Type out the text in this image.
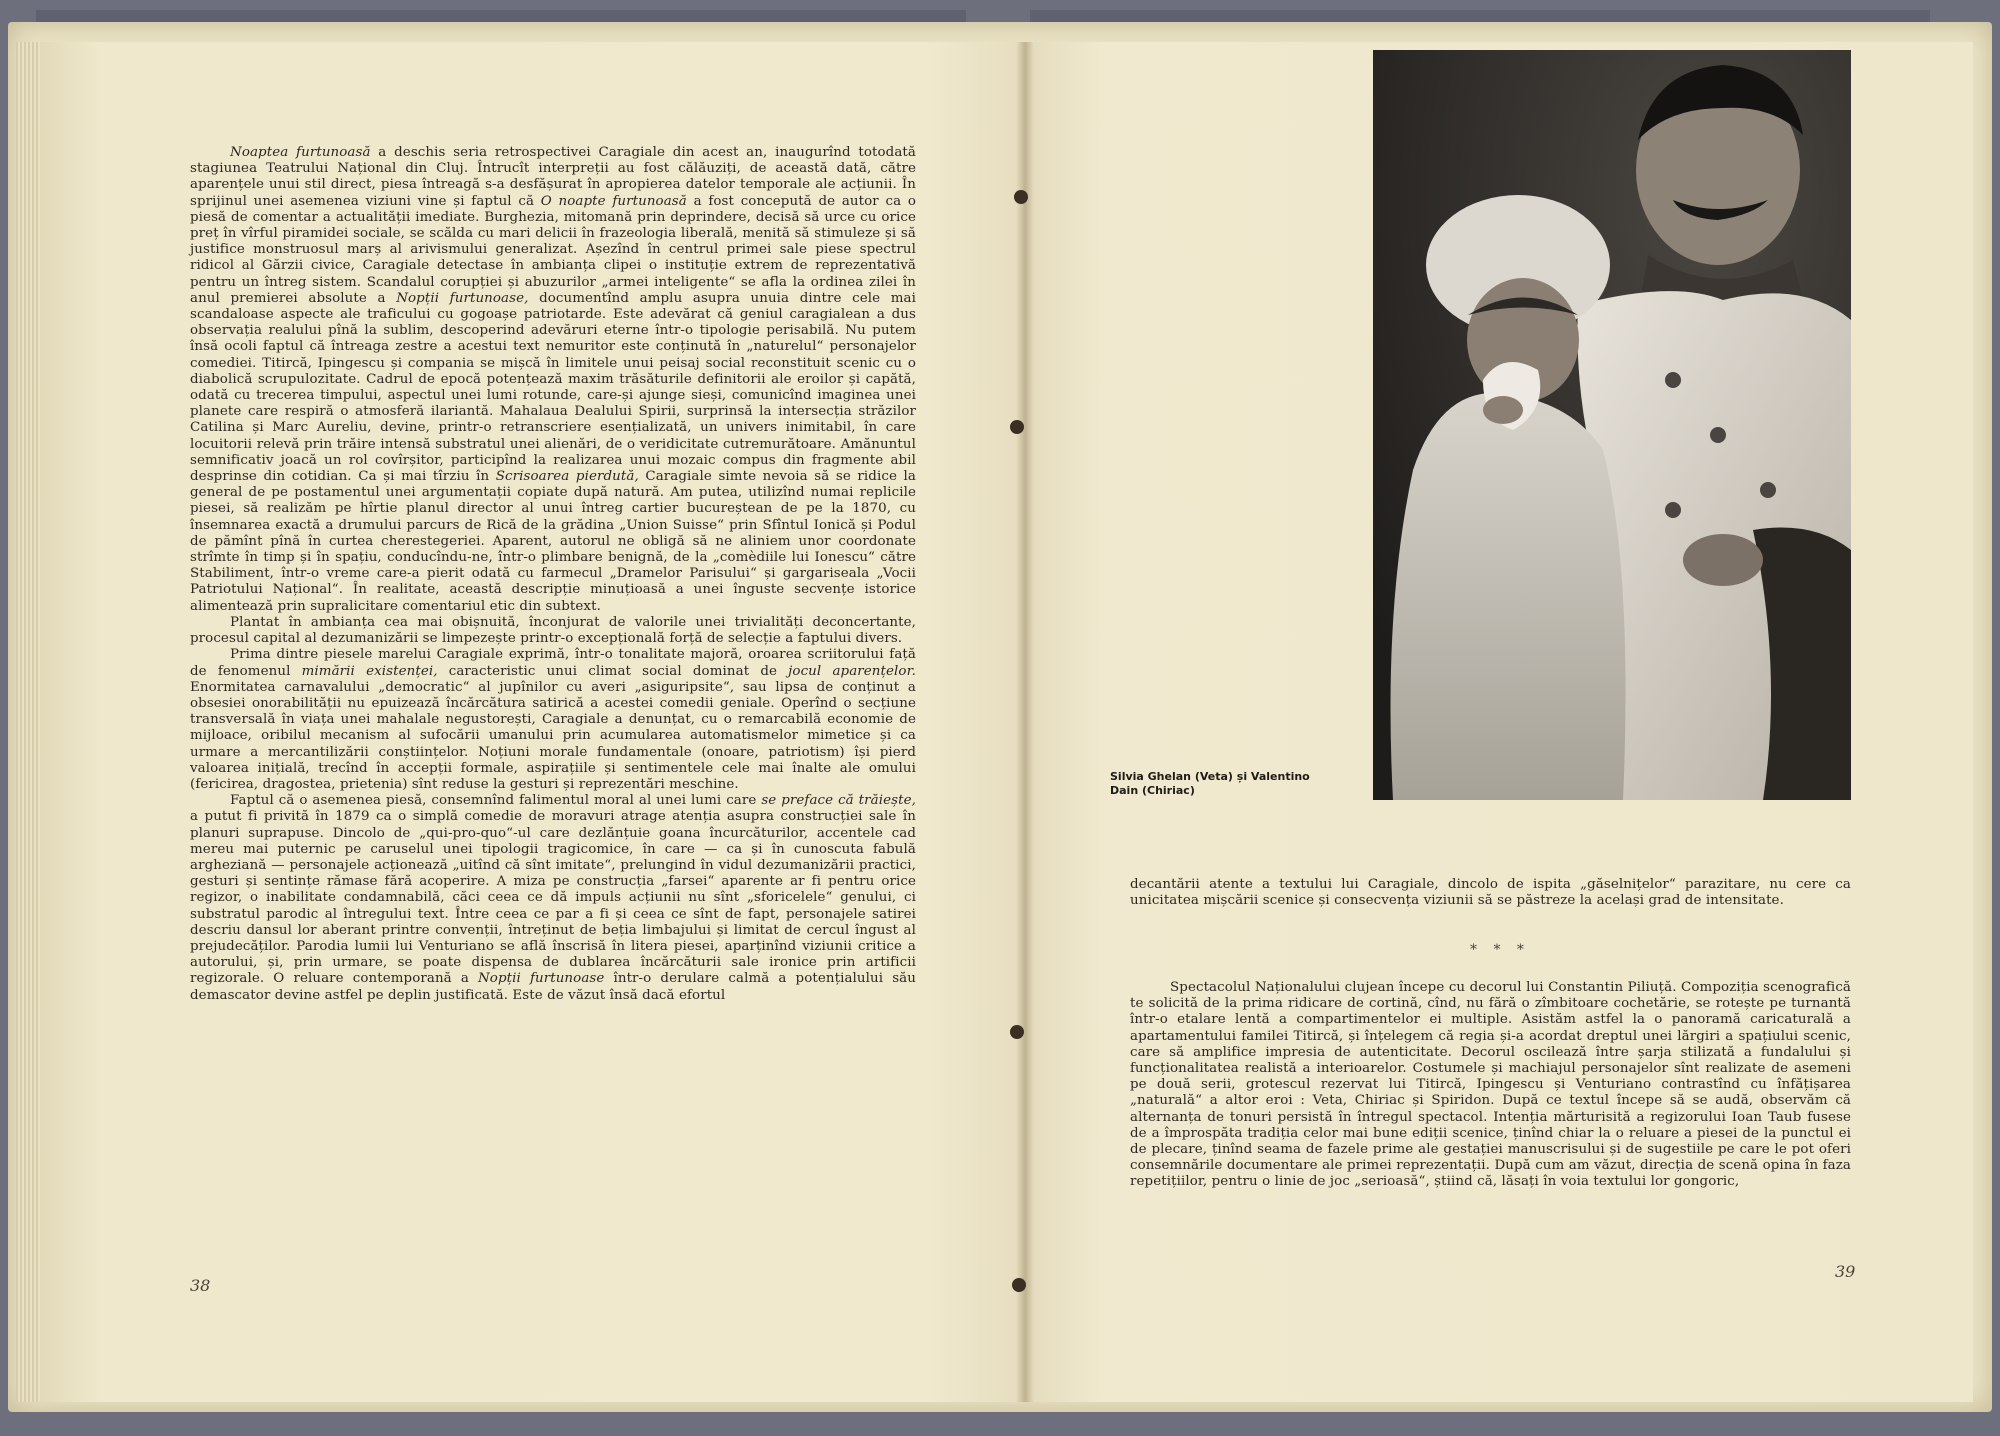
Noaptea furtunoasă a deschis seria retrospectivei Caragiale din acest an, inaugurînd totodată stagiunea Teatrului Național din Cluj. Întrucît interpreții au fost călăuziți, de această dată, către aparențele unui stil direct, piesa întreagă s-a desfășurat în apropierea datelor temporale ale acțiunii. În sprijinul unei asemenea viziuni vine și faptul că O noapte furtunoasă a fost concepută de autor ca o piesă de comentar a actualității imediate. Burghezia, mitomană prin deprindere, decisă să urce cu orice preț în vîrful piramidei sociale, se scălda cu mari delicii în frazeologia liberală, menită să stimuleze și să justifice monstruosul marș al arivismului generalizat. Așezînd în centrul primei sale piese spectrul ridicol al Gărzii civice, Caragiale detectase în ambianța clipei o instituție extrem de reprezentativă pentru un întreg sistem. Scandalul corupției și abuzurilor „armei inteligente“ se afla la ordinea zilei în anul premierei absolute a Nopții furtunoase, documentînd amplu asupra unuia dintre cele mai scandaloase aspecte ale traficului cu gogoașe patriotarde. Este adevărat că geniul caragialean a dus observația realului pînă la sublim, descoperind adevăruri eterne într-o tipologie perisabilă. Nu putem însă ocoli faptul că întreaga zestre a acestui text nemuritor este conținută în „naturelul“ personajelor comediei. Titircă, Ipingescu și compania se mișcă în limitele unui peisaj social reconstituit scenic cu o diabolică scrupulozitate. Cadrul de epocă potențează maxim trăsăturile definitorii ale eroilor și capătă, odată cu trecerea timpului, aspectul unei lumi rotunde, care-și ajunge sieși, comunicînd imaginea unei planete care respiră o atmosferă ilariantă. Mahalaua Dealului Spirii, surprinsă la intersecția străzilor Catilina și Marc Aureliu, devine, printr-o retranscriere esențializată, un univers inimitabil, în care locuitorii relevă prin trăire intensă substratul unei alienări, de o veridicitate cutremurătoare. Amănuntul semnificativ joacă un rol covîrșitor, participînd la realizarea unui mozaic compus din fragmente abil desprinse din cotidian. Ca și mai tîrziu în Scrisoarea pierdută, Caragiale simte nevoia să se ridice la general de pe postamentul unei argumentații copiate după natură. Am putea, utilizînd numai replicile piesei, să realizăm pe hîrtie planul director al unui întreg cartier bucureștean de pe la 1870, cu însemnarea exactă a drumului parcurs de Rică de la grădina „Union Suisse“ prin Sfîntul Ionică și Podul de pămînt pînă în curtea cherestegeriei. Aparent, autorul ne obligă să ne aliniem unor coordonate strîmte în timp și în spațiu, conducîndu-ne, într-o plimbare benignă, de la „comèdiile lui Ionescu“ către Stabiliment, într-o vreme care-a pierit odată cu farmecul „Dramelor Parisului“ și gargariseala „Vocii Patriotului Național“. În realitate, această descripție minuțioasă a unei înguste secvențe istorice alimentează prin supralicitare comentariul etic din subtext.

Plantat în ambianța cea mai obișnuită, înconjurat de valorile unei trivialități deconcertante, procesul capital al dezumanizării se limpezește printr-o excepțională forță de selecție a faptului divers.

Prima dintre piesele marelui Caragiale exprimă, într-o tonalitate majoră, oroarea scriitorului față de fenomenul mimării existenței, caracteristic unui climat social dominat de jocul aparențelor. Enormitatea carnavalului „democratic“ al jupînilor cu averi „asiguripsite“, sau lipsa de conținut a obsesiei onorabilității nu epuizează încărcătura satirică a acestei comedii geniale. Operînd o secțiune transversală în viața unei mahalale negustorești, Caragiale a denunțat, cu o remarcabilă economie de mijloace, oribilul mecanism al sufocării umanului prin acumularea automatismelor mimetice și ca urmare a mercantilizării conștiințelor. Noțiuni morale fundamentale (onoare, patriotism) își pierd valoarea inițială, trecînd în accepții formale, aspirațiile și sentimentele cele mai înalte ale omului (fericirea, dragostea, prietenia) sînt reduse la gesturi și reprezentări meschine.

Faptul că o asemenea piesă, consemnînd falimentul moral al unei lumi care se preface că trăiește, a putut fi privită în 1879 ca o simplă comedie de moravuri atrage atenția asupra construcției sale în planuri suprapuse. Dincolo de „qui-pro-quo“-ul care dezlănțuie goana încurcăturilor, accentele cad mereu mai puternic pe caruselul unei tipologii tragicomice, în care — ca și în cunoscuta fabulă argheziană — personajele acționează „uitînd că sînt imitate“, prelungind în vidul dezumanizării practici, gesturi și sentințe rămase fără acoperire. A miza pe construcția „farsei“ aparente ar fi pentru orice regizor, o inabilitate condamnabilă, căci ceea ce dă impuls acțiunii nu sînt „sforicelele“ genului, ci substratul parodic al întregului text. Între ceea ce par a fi și ceea ce sînt de fapt, personajele satirei descriu dansul lor aberant printre convenții, întreținut de beția limbajului și limitat de cercul îngust al prejudecăților. Parodia lumii lui Venturiano se află înscrisă în litera piesei, aparținînd viziunii critice a autorului, și, prin urmare, se poate dispensa de dublarea încărcăturii sale ironice prin artificii regizorale. O reluare contemporană a Nopții furtunoase într-o derulare calmă a potențialului său demascator devine astfel pe deplin justificată. Este de văzut însă dacă efortul

Silvia Ghelan (Veta) și Valentino Dain (Chiriac)

decantării atente a textului lui Caragiale, dincolo de ispita „găselnițelor“ parazitare, nu cere ca unicitatea mișcării scenice și consecvența viziunii să se păstreze la același grad de intensitate.

* * *

Spectacolul Naționalului clujean începe cu decorul lui Constantin Piliuță. Compoziția scenografică te solicită de la prima ridicare de cortină, cînd, nu fără o zîmbitoare cochetărie, se rotește pe turnantă într-o etalare lentă a compartimentelor ei multiple. Asistăm astfel la o panoramă caricaturală a apartamentului familei Titircă, și înțelegem că regia și-a acordat dreptul unei lărgiri a spațiului scenic, care să amplifice impresia de autenticitate. Decorul oscilează între șarja stilizată a fundalului și funcționalitatea realistă a interioarelor. Costumele și machiajul personajelor sînt realizate de asemeni pe două serii, grotescul rezervat lui Titircă, Ipingescu și Venturiano contrastînd cu înfățișarea „naturală“ a altor eroi : Veta, Chiriac și Spiridon. După ce textul începe să se audă, observăm că alternanța de tonuri persistă în întregul spectacol. Intenția mărturisită a regizorului Ioan Taub fusese de a împrospăta tradiția celor mai bune ediții scenice, ținînd chiar la o reluare a piesei de la punctul ei de plecare, ținînd seama de fazele prime ale gestației manuscrisului și de sugestiile pe care le pot oferi consemnările documentare ale primei reprezentații. După cum am văzut, direcția de scenă opina în faza repetițiilor, pentru o linie de joc „serioasă“, știind că, lăsați în voia textului lor gongoric,

38
39
